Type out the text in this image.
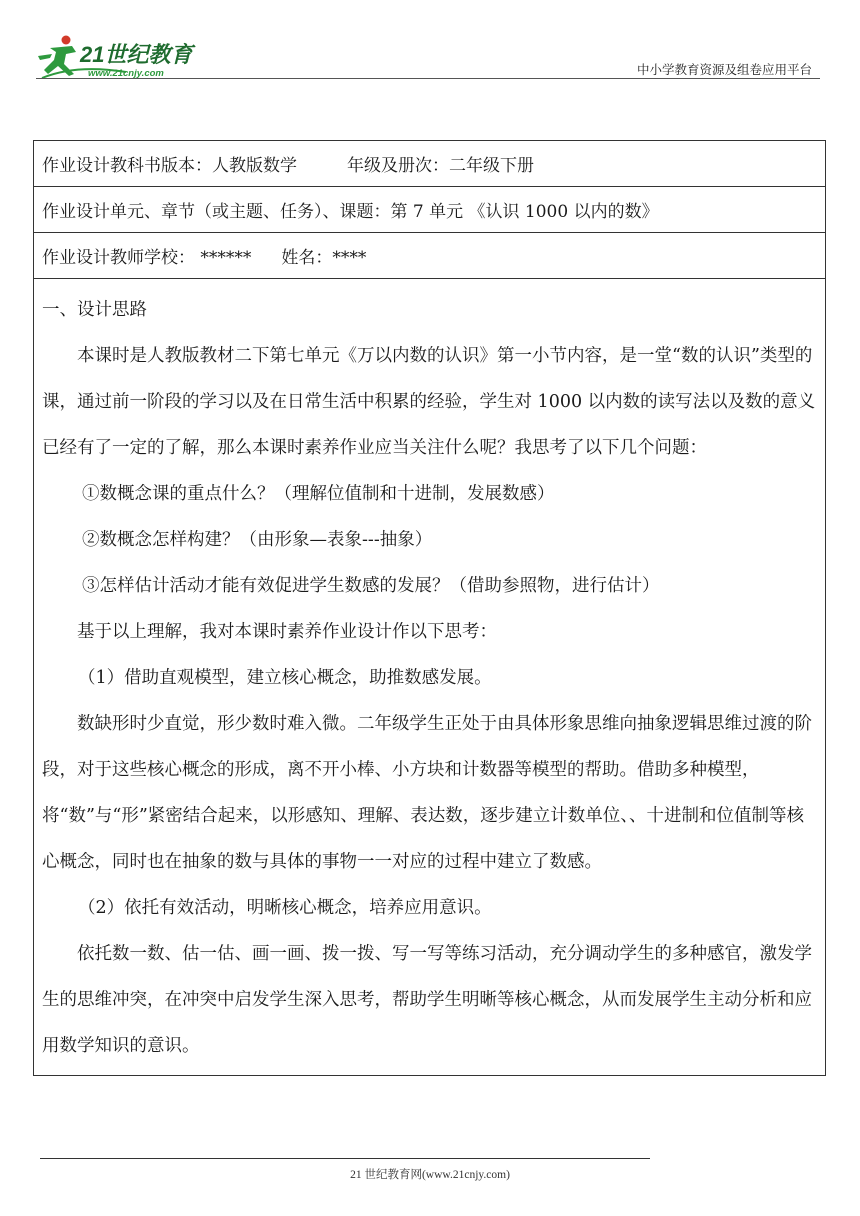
21世纪教育
www.21cnjy.com	中小学教育资源及组卷应用平台
作业设计教科书版本：人教版数学	年级及册次：二年级下册
作业设计单元、章节（或主题、任务）、课题：第 7 单元 《认识 1000 以内的数》
作业设计教师学校： ****** 姓名：****

一、设计思路

本课时是人教版教材二下第七单元《万以内数的认识》第一小节内容，是一堂“数的认识”类型的课，通过前一阶段的学习以及在日常生活中积累的经验，学生对 1000 以内数的读写法以及数的意义已经有了一定的了解，那么本课时素养作业应当关注什么呢？我思考了以下几个问题：

①数概念课的重点什么？（理解位值制和十进制，发展数感）

②数概念怎样构建？（由形象—表象---抽象）

③怎样估计活动才能有效促进学生数感的发展？（借助参照物，进行估计）

基于以上理解，我对本课时素养作业设计作以下思考：

（1）借助直观模型，建立核心概念，助推数感发展。

数缺形时少直觉，形少数时难入微。二年级学生正处于由具体形象思维向抽象逻辑思维过渡的阶段，对于这些核心概念的形成，离不开小棒、小方块和计数器等模型的帮助。借助多种模型，将“数”与“形”紧密结合起来，以形感知、理解、表达数，逐步建立计数单位、、十进制和位值制等核心概念，同时也在抽象的数与具体的事物一一对应的过程中建立了数感。

（2）依托有效活动，明晰核心概念，培养应用意识。

依托数一数、估一估、画一画、拨一拨、写一写等练习活动，充分调动学生的多种感官，激发学生的思维冲突，在冲突中启发学生深入思考，帮助学生明晰等核心概念，从而发展学生主动分析和应用数学知识的意识。

21 世纪教育网(www.21cnjy.com)
